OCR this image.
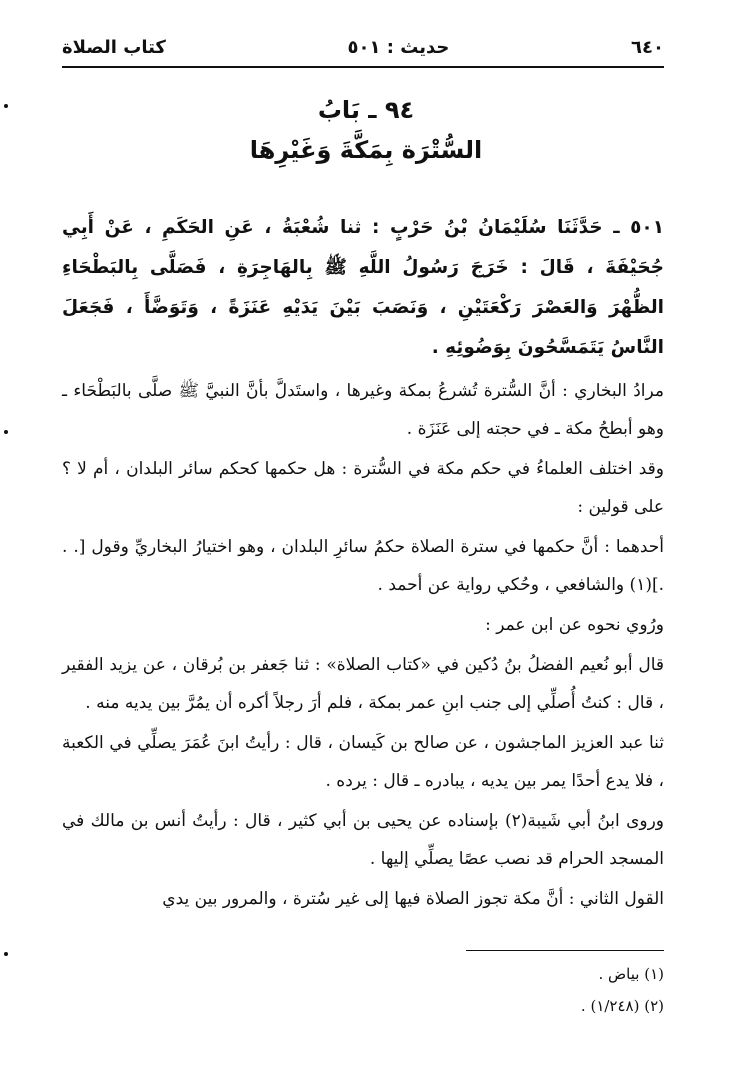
٦٤٠
حديث : ٥٠١
كتاب الصلاة
٩٤ ـ بَابُ
السُّتْرَة بِمَكَّةَ وَغَيْرِهَا

٥٠١ ـ حَدَّثَنَا سُلَيْمَانُ بْنُ حَرْبٍ : ثنا شُعْبَةُ ، عَنِ الحَكَمِ ، عَنْ أَبِي جُحَيْفَةَ ، قَالَ : خَرَجَ رَسُولُ اللَّهِ ﷺ بِالهَاجِرَةِ ، فَصَلَّى بِالبَطْحَاءِ الظُّهْرَ وَالعَصْرَ رَكْعَتَيْنِ ، وَنَصَبَ بَيْنَ يَدَيْهِ عَنَزَةً ، وَتَوَضَّأَ ، فَجَعَلَ النَّاسُ يَتَمَسَّحُونَ بِوَضُوئِهِ .

مرادُ البخاري : أنَّ السُّترة تُشرعُ بمكة وغيرها ، واستَدلَّ بأنَّ النبيَّ ﷺ صلَّى بالبَطْحَاء ـ وهو أبطحُ مكة ـ في حجته إلى عَنَزَة .

وقد اختلف العلماءُ في حكم مكة في السُّترة : هل حكمها كحكم سائر البلدان ، أم لا ؟ على قولين :

أحدهما : أنَّ حكمها في سترة الصلاة حكمُ سائرِ البلدان ، وهو اختيارُ البخاريِّ وقول [. . .](١) والشافعي ، وحُكي رواية عن أحمد .

ورُوي نحوه عن ابن عمر :

قال أبو نُعيم الفضلُ بنُ دُكين في «كتاب الصلاة» : ثنا جَعفر بن بُرقان ، عن يزيد الفقير ، قال : كنتُ أُصلِّي إلى جنب ابنِ عمر بمكة ، فلم أرَ رجلاً أكره أن يمُرَّ بين يديه منه .

ثنا عبد العزيز الماجشون ، عن صالح بن كَيسان ، قال : رأيتُ ابنَ عُمَرَ يصلِّي في الكعبة ، فلا يدع أحدًا يمر بين يديه ، يبادره ـ قال : يرده .

وروى ابنُ أبي شَيبة(٢) بإسناده عن يحيى بن أبي كثير ، قال : رأيتُ أنس بن مالك في المسجد الحرام قد نصب عصًا يصلِّي إليها .

القول الثاني : أنَّ مكة تجوز الصلاة فيها إلى غير سُترة ، والمرور بين يدي

(١) بياض .

(٢) (١/٢٤٨) .
